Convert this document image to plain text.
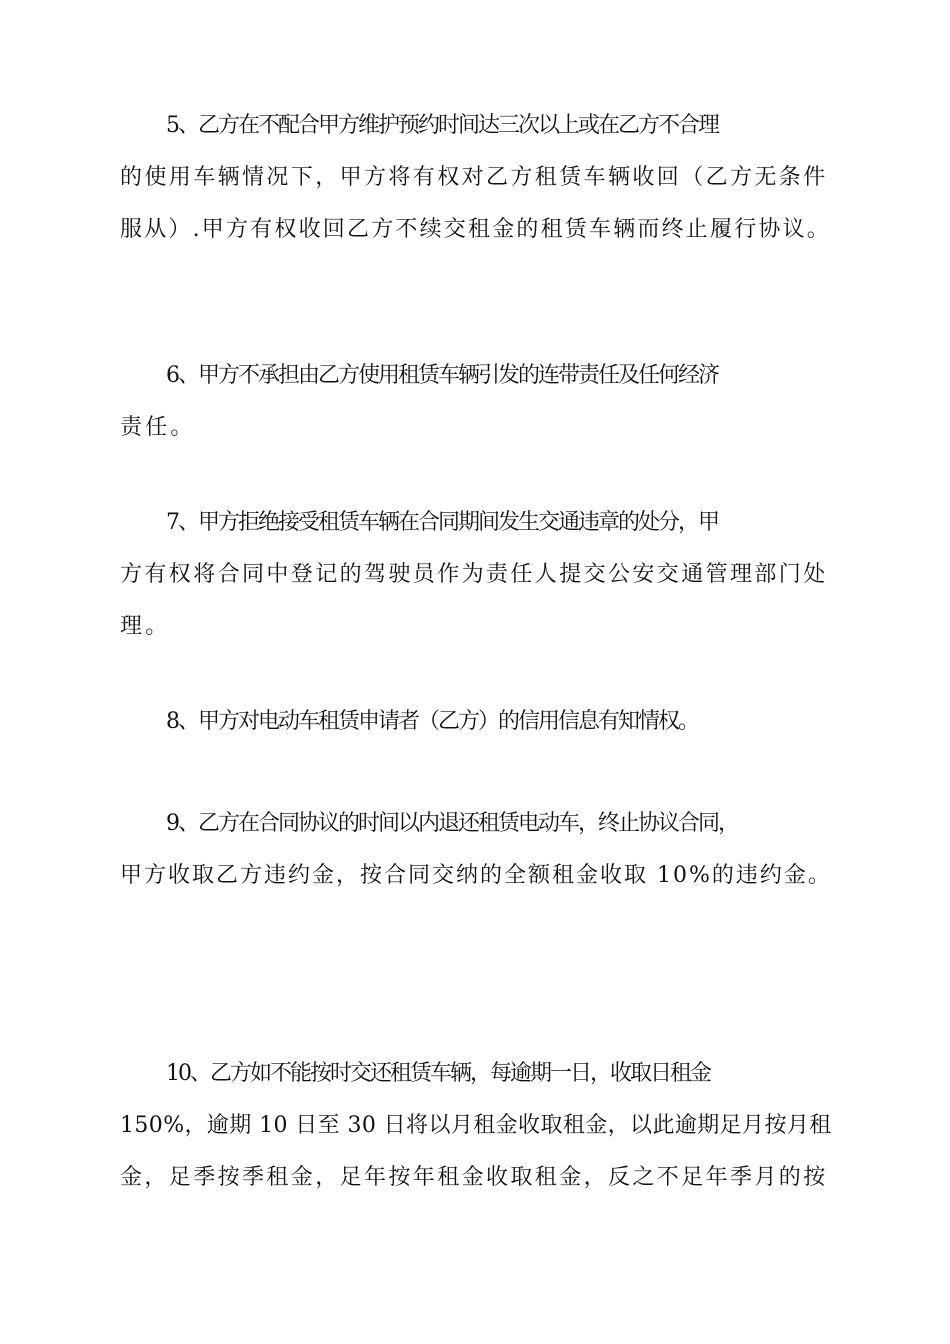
5、乙方在不配合甲方维护预约时间达三次以上或在乙方不合理
的使用车辆情况下，甲方将有权对乙方租赁车辆收回（乙方无条件
服从）.甲方有权收回乙方不续交租金的租赁车辆而终止履行协议。
6、甲方不承担由乙方使用租赁车辆引发的连带责任及任何经济
责任。
7、甲方拒绝接受租赁车辆在合同期间发生交通违章的处分，甲
方有权将合同中登记的驾驶员作为责任人提交公安交通管理部门处
理。
8、甲方对电动车租赁申请者（乙方）的信用信息有知情权。
9、乙方在合同协议的时间以内退还租赁电动车，终止协议合同，
甲方收取乙方违约金，按合同交纳的全额租金收取 10%的违约金。
10、乙方如不能按时交还租赁车辆，每逾期一日，收取日租金
150%，逾期 10 日至 30 日将以月租金收取租金，以此逾期足月按月租
金，足季按季租金，足年按年租金收取租金，反之不足年季月的按
